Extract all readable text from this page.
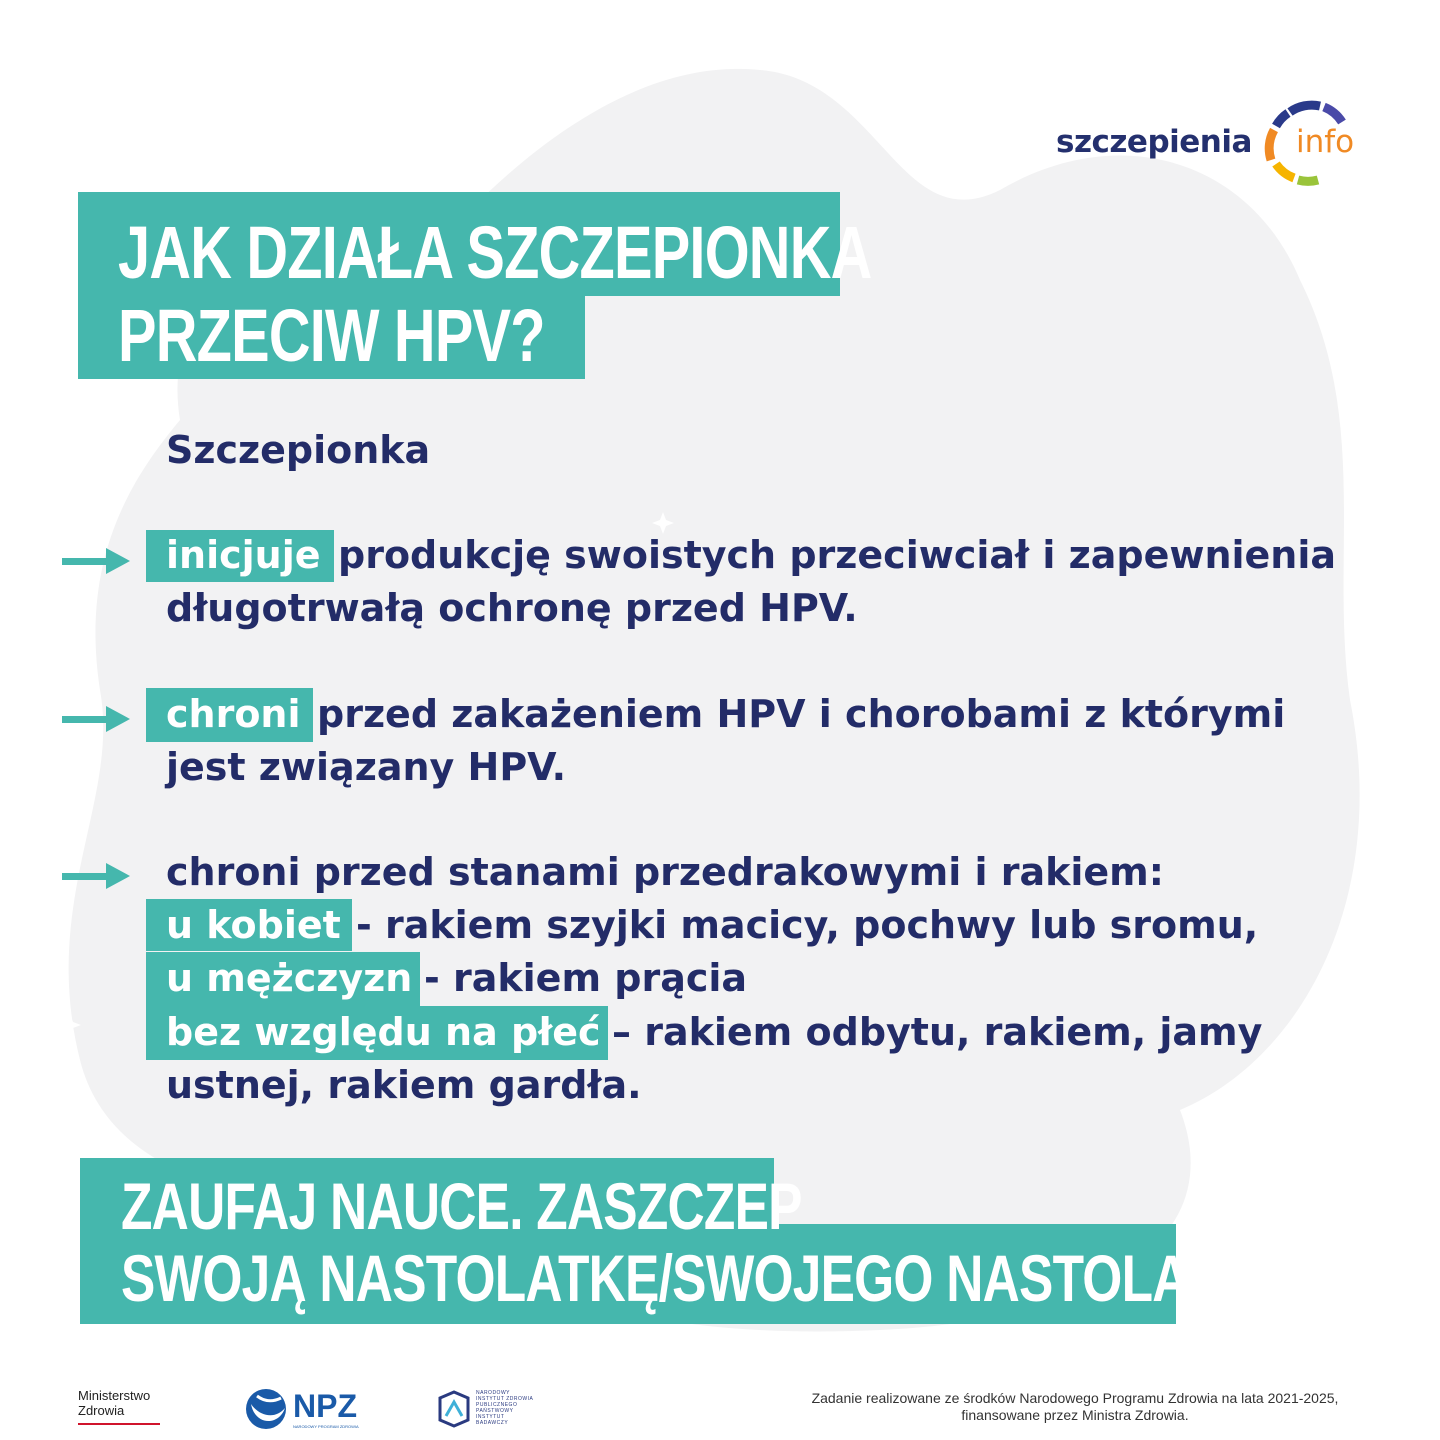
szczepienia info
JAK DZIAŁA SZCZEPIONKA
PRZECIW HPV?

Szczepionka

inicjuje produkcję swoistych przeciwciał i zapewnienia

długotrwałą ochronę przed HPV.

chroni przed zakażeniem HPV i chorobami z którymi

jest związany HPV.

chroni przed stanami przedrakowymi i rakiem:

u kobiet - rakiem szyjki macicy, pochwy lub sromu,

u mężczyzn - rakiem prącia

bez względu na płeć – rakiem odbytu, rakiem, jamy

ustnej, rakiem gardła.

ZAUFAJ NAUCE. ZASZCZEP

SWOJĄ NASTOLATKĘ/SWOJEGO NASTOLATKA.

Ministerstwo
Zdrowia	NPZ
NARODOWY PROGRAM ZDROWIA
NARODOWY INSTYTUT ZDROWIA PUBLICZNEGO PAŃSTWOWY INSTYTUT BADAWCZY
Zadanie realizowane ze środków Narodowego Programu Zdrowia na lata 2021-2025,
finansowane przez Ministra Zdrowia.
